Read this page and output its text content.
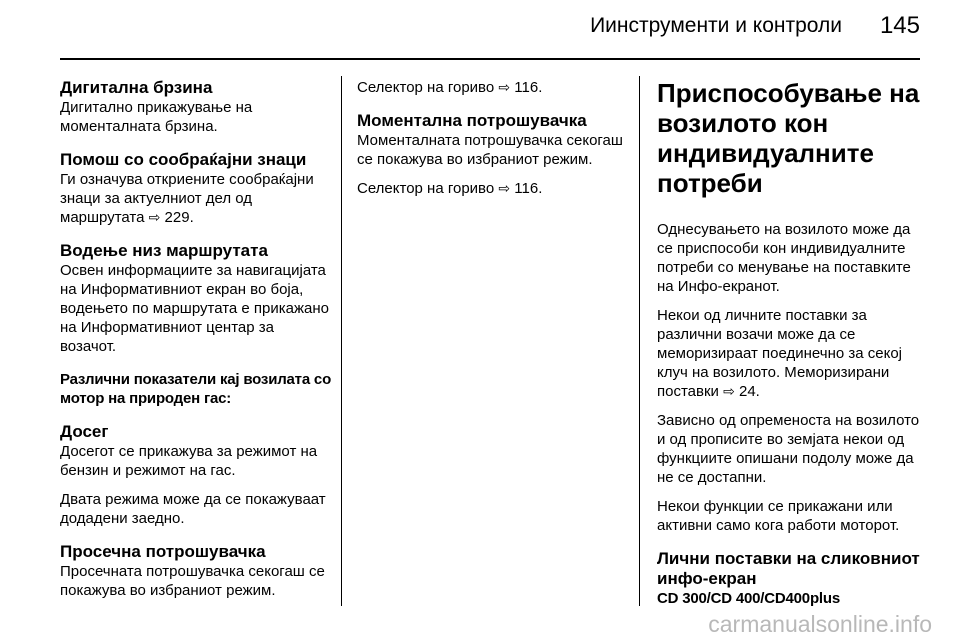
Иинструменти и контроли 145

Дигитална брзина

Дигитално прикажување на моменталната брзина.

Помош со сообраќајни знаци

Ги означува откриените сообраќајни знаци за актуелниот дел од маршрутата ⇨ 229.

Водење низ маршрутата

Освен информациите за навигацијата на Информативниот екран во боја, водењето по маршрутата е прикажано на Информативниот центар за возачот.

Различни показатели кај возилата со мотор на природен гас:

Досег

Досегот се прикажува за режимот на бензин и режимот на гас.

Двата режима може да се покажуваат додадени заедно.

Просечна потрошувачка

Просечната потрошувачка секогаш се покажува во избраниот режим.

Селектор на гориво ⇨ 116.

Моментална потрошувачка

Моменталната потрошувачка секогаш се покажува во избраниот режим.

Селектор на гориво ⇨ 116.

Приспособување на возилото кон индивидуалните потреби

Однесувањето на возилото може да се приспособи кон индивидуалните потреби со менување на поставките на Инфо-екранот.

Некои од личните поставки за различни возачи може да се меморизираат поединечно за секој клуч на возилото. Меморизирани поставки ⇨ 24.

Зависно од опременоста на возилото и од прописите во земјата некои од функциите опишани подолу може да не се достапни.

Некои функции се прикажани или активни само кога работи моторот.

Лични поставки на сликовниот инфо-екран

CD 300/CD 400/CD400plus

carmanualsonline.info
